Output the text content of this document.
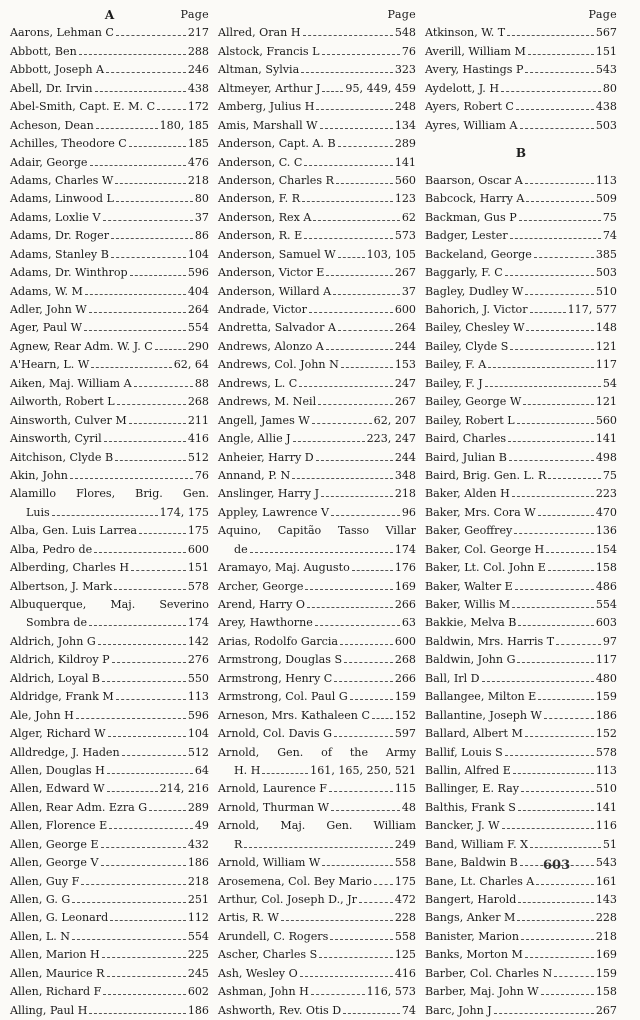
A	Page
Aarons, Lehman C	217
Abbott, Ben	288
Abbott, Joseph A	246
Abell, Dr. Irvin	438
Abel-Smith, Capt. E. M. C	172
Acheson, Dean	180, 185
Achilles, Theodore C	185
Adair, George	476
Adams, Charles W	218
Adams, Linwood L	80
Adams, Loxlie V	37
Adams, Dr. Roger	86
Adams, Stanley B	104
Adams, Dr. Winthrop	596
Adams, W. M	404
Adler, John W	264
Ager, Paul W	554
Agnew, Rear Adm. W. J. C	290
A'Hearn, L. W	62, 64
Aiken, Maj. William A	88
Ailworth, Robert L	268
Ainsworth, Culver M	211
Ainsworth, Cyril	416
Aitchison, Clyde B	512
Akin, John	76
Alamillo Flores, Brig. Gen.
Luis	174, 175
Alba, Gen. Luis Larrea	175
Alba, Pedro de	600
Alberding, Charles H	151
Albertson, J. Mark	578
Albuquerque, Maj. Severino
Sombra de	174
Aldrich, John G	142
Aldrich, Kildroy P	276
Aldrich, Loyal B	550
Aldridge, Frank M	113
Ale, John H	596
Alger, Richard W	104
Alldredge, J. Haden	512
Allen, Douglas H	64
Allen, Edward W	214, 216
Allen, Rear Adm. Ezra G	289
Allen, Florence E	49
Allen, George E	432
Allen, George V	186
Allen, Guy F	218
Allen, G. G	251
Allen, G. Leonard	112
Allen, L. N	554
Allen, Marion H	225
Allen, Maurice R	245
Allen, Richard F	602
Alling, Paul H	186
Page
Allred, Oran H	548
Alstock, Francis L	76
Altman, Sylvia	323
Altmeyer, Arthur J 95, 449, 459
Amberg, Julius H	248
Amis, Marshall W	134
Anderson, Capt. A. B	289
Anderson, C. C	141
Anderson, Charles R	560
Anderson, F. R	123
Anderson, Rex A	62
Anderson, R. E	573
Anderson, Samuel W	103, 105
Anderson, Victor E	267
Anderson, Willard A	37
Andrade, Victor	600
Andretta, Salvador A	264
Andrews, Alonzo A	244
Andrews, Col. John N	153
Andrews, L. C	247
Andrews, M. Neil	267
Angell, James W	62, 207
Angle, Allie J	223, 247
Anheier, Harry D	244
Annand, P. N	348
Anslinger, Harry J	218
Appley, Lawrence V	96
Aquino, Capitão Tasso Villar
de	174
Aramayo, Maj. Augusto	176
Archer, George	169
Arend, Harry O	266
Arey, Hawthorne	63
Arias, Rodolfo Garcia	600
Armstrong, Douglas S	268
Armstrong, Henry C	266
Armstrong, Col. Paul G	159
Arneson, Mrs. Kathaleen C 152
Arnold, Col. Davis G	597
Arnold, Gen. of the Army
H. H	161, 165, 250, 521
Arnold, Laurence F	115
Arnold, Thurman W	48
Arnold, Maj. Gen. William
R	249
Arnold, William W	558
Arosemena, Col. Bey Mario 175
Arthur, Col. Joseph D., Jr	472
Artis, R. W	228
Arundell, C. Rogers	558
Ascher, Charles S	125
Ash, Wesley O	416
Ashman, John H	116, 573
Ashworth, Rev. Otis D	74
Page
Atkinson, W. T	567
Averill, William M	151
Avery, Hastings P	543
Aydelott, J. H	80
Ayers, Robert C	438
Ayres, William A	503
B
Baarson, Oscar A	113
Babcock, Harry A	509
Backman, Gus P	75
Badger, Lester	74
Backeland, George	385
Baggarly, F. C	503
Bagley, Dudley W	510
Bahorich, J. Victor	117, 577
Bailey, Chesley W	148
Bailey, Clyde S	121
Bailey, F. A	117
Bailey, F. J	54
Bailey, George W	121
Bailey, Robert L	560
Baird, Charles	141
Baird, Julian B	498
Baird, Brig. Gen. L. R	75
Baker, Alden H	223
Baker, Mrs. Cora W	470
Baker, Geoffrey	136
Baker, Col. George H	154
Baker, Lt. Col. John E	158
Baker, Walter E	486
Baker, Willis M	554
Bakkie, Melva B	603
Baldwin, Mrs. Harris T	97
Baldwin, John G	117
Ball, Irl D	480
Ballangee, Milton E	159
Ballantine, Joseph W	186
Ballard, Albert M	152
Ballif, Louis S	578
Ballin, Alfred E	113
Ballinger, E. Ray	510
Balthis, Frank S	141
Bancker, J. W	116
Band, William F. X	51
Bane, Baldwin B	543
Bane, Lt. Charles A	161
Bangert, Harold	143
Bangs, Anker M	228
Banister, Marion	218
Banks, Morton M	169
Barber, Col. Charles N	159
Barber, Maj. John W	158
Barc, John J	267
603
